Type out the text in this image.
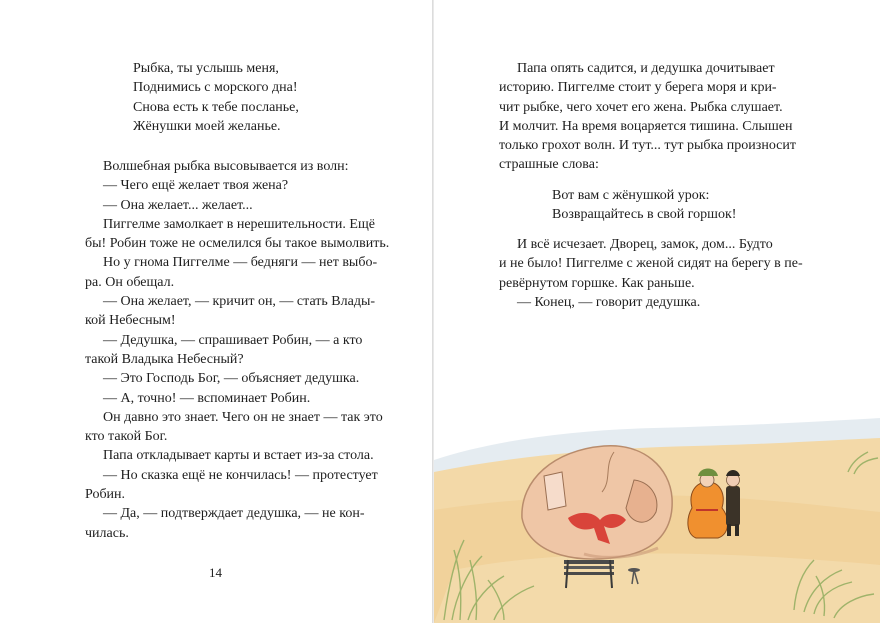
Рыбка, ты услышь меня,

Поднимись с морского дна!

Снова есть к тебе посланье,

Жёнушки моей желанье.

Волшебная рыбка высовывается из волн:

— Чего ещё желает твоя жена?

— Она желает... желает...

Пиггелме замолкает в нерешительности. Ещё

бы! Робин тоже не осмелился бы такое вымолвить.

Но у гнома Пиггелме — бедняги — нет выбо-

ра. Он обещал.

— Она желает, — кричит он, — стать Влады-

кой Небесным!

— Дедушка, — спрашивает Робин, — а кто

такой Владыка Небесный?

— Это Господь Бог, — объясняет дедушка.

— А, точно! — вспоминает Робин.

Он давно это знает. Чего он не знает — так это

кто такой Бог.

Папа откладывает карты и встает из-за стола.

— Но сказка ещё не кончилась! — протестует

Робин.

— Да, — подтверждает дедушка, — не кон-

чилась.

14

Папа опять садится, и дедушка дочитывает

историю. Пиггелме стоит у берега моря и кри-

чит рыбке, чего хочет его жена. Рыбка слушает.

И молчит. На время воцаряется тишина. Слышен

только грохот волн. И тут... тут рыбка произносит

страшные слова:

Вот вам с жёнушкой урок:

Возвращайтесь в свой горшок!

И всё исчезает. Дворец, замок, дом... Будто

и не было! Пиггелме с женой сидят на берегу в пе-

ревёрнутом горшке. Как раньше.

— Конец, — говорит дедушка.
